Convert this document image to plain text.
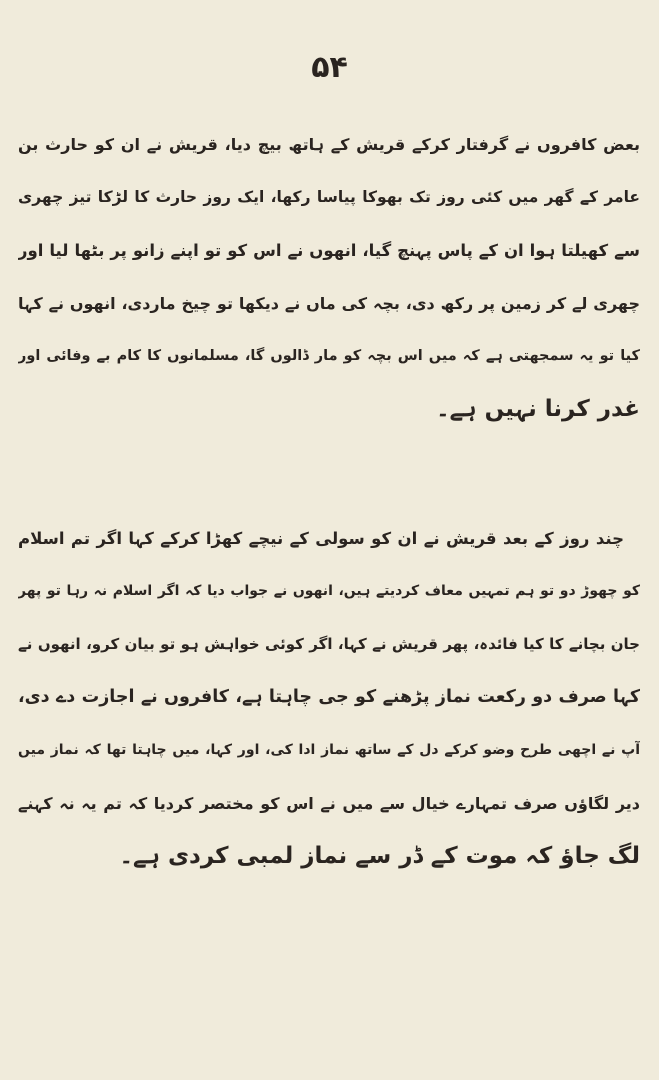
۵۴
بعض کافروں نے گرفتار کرکے قریش کے ہاتھ بیچ دیا، قریش نے ان کو حارث بن
عامر کے گھر میں کئی روز تک بھوکا پیاسا رکھا، ایک روز حارث کا لڑکا تیز چھری
سے کھیلتا ہوا ان کے پاس پہنچ گیا، انھوں نے اس کو تو اپنے زانو پر بٹھا لیا اور
چھری لے کر زمین پر رکھ دی، بچہ کی ماں نے دیکھا تو چیخ ماردی، انھوں نے کہا
کیا تو یہ سمجھتی ہے کہ میں اس بچہ کو مار ڈالوں گا، مسلمانوں کا کام بے وفائی اور
غدر کرنا نہیں ہے۔
چند روز کے بعد قریش نے ان کو سولی کے نیچے کھڑا کرکے کہا اگر تم اسلام
کو چھوڑ دو تو ہم تمہیں معاف کردیتے ہیں، انھوں نے جواب دیا کہ اگر اسلام نہ رہا تو پھر
جان بچانے کا کیا فائدہ، پھر قریش نے کہا، اگر کوئی خواہش ہو تو بیان کرو، انھوں نے
کہا صرف دو رکعت نماز پڑھنے کو جی چاہتا ہے، کافروں نے اجازت دے دی،
آپ نے اچھی طرح وضو کرکے دل کے ساتھ نماز ادا کی، اور کہا، میں چاہتا تھا کہ نماز میں
دیر لگاؤں صرف تمہارے خیال سے میں نے اس کو مختصر کردیا کہ تم یہ نہ کہنے
لگ جاؤ کہ موت کے ڈر سے نماز لمبی کردی ہے۔
